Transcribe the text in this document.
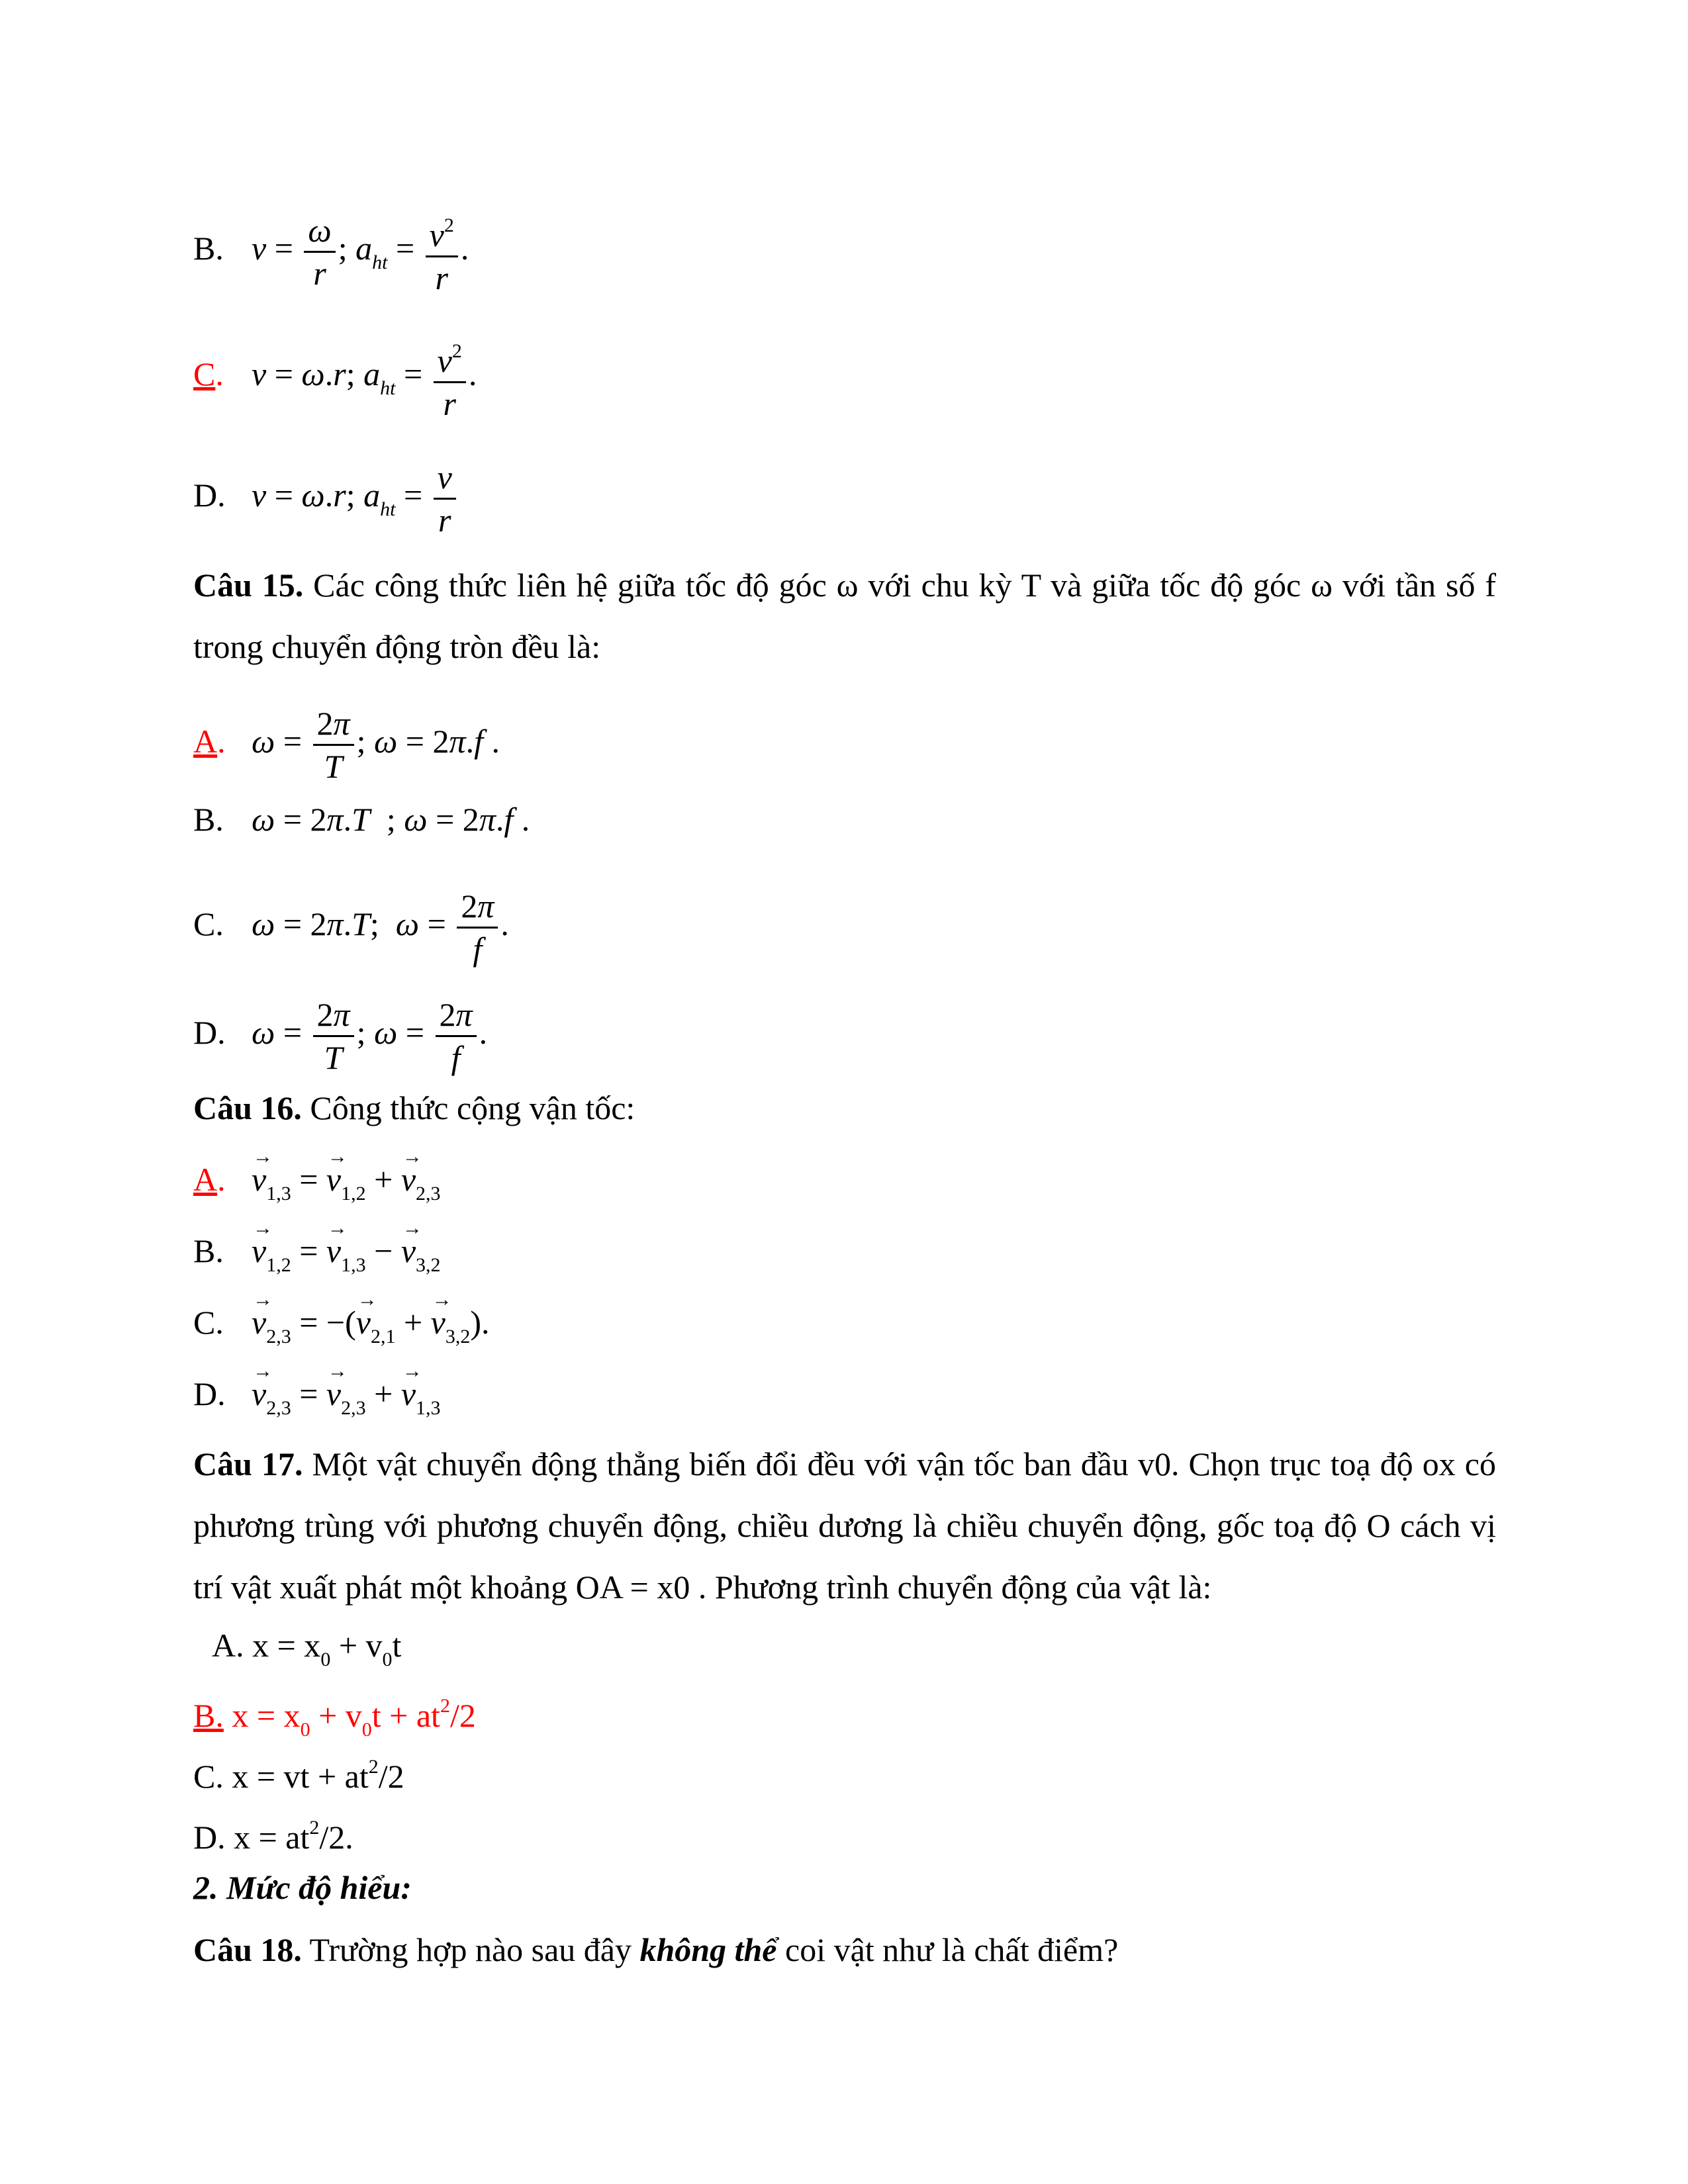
B. $v = \frac{\omega}{r}$ ; $a_{ht} = \frac{v^2}{r}$ .
C. v = ω.r; $a_{ht} = \frac{v^2}{r}$ .
D. v = ω.r; $a_{ht} = \frac{v}{r}$
Câu 15. Các công thức liên hệ giữa tốc độ góc ω với chu kỳ T và giữa tốc độ góc ω với tần số f trong chuyển động tròn đều là:
A. $\omega = \frac{2\pi}{T}$ ; ω = 2π.f .
B. ω = 2π.T  ; ω = 2π.f .
C. ω = 2π.T;  $\omega = \frac{2\pi}{f}$ .
D. $\omega = \frac{2\pi}{T}$ ; $\omega = \frac{2\pi}{f}$ .
Câu 16. Công thức cộng vận tốc:
$A.\to v_{1,3}$ = → $v_{1,2}$ + → $v_{2,3}$
$B.\to v_{1,2}$ = → $v_{1,3}$ − → $v_{3,2}$
$C.\to v_{2,3}$ = −(→ $v_{2,1}$ + → $v_{3,2}$).
$D.\to v_{2,3}$ = → $v_{2,3}$ + → $v_{1,3}$
Câu 17. Một vật chuyển động thẳng biến đổi đều với vận tốc ban đầu v0. Chọn trục toạ độ ox có phương trùng với phương chuyển động, chiều dương là chiều chuyển động, gốc toạ độ O cách vị trí vật xuất phát một khoảng OA = x0 . Phương trình chuyển động của vật là:
A. $x = x_0 + v_0t$
B. $x = x_0 + v_0t + at^2/2$
C. x = vt + $at^2/2$
D. $x = at^2/2$.
2. Mức độ hiểu:
Câu 18. Trường hợp nào sau đây không thể coi vật như là chất điểm?
